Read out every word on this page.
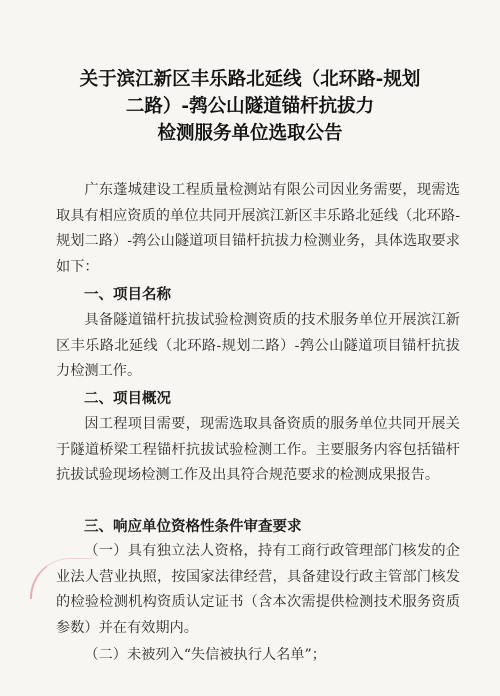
关于滨江新区丰乐路北延线（北环路-规划
二路）-鹁公山隧道锚杆抗拔力
检测服务单位选取公告
广东蓬城建设工程质量检测站有限公司因业务需要，现需选取具有相应资质的单位共同开展滨江新区丰乐路北延线（北环路-规划二路）-鹁公山隧道项目锚杆抗拔力检测业务，具体选取要求如下：
一、项目名称
具备隧道锚杆抗拔试验检测资质的技术服务单位开展滨江新区丰乐路北延线（北环路-规划二路）-鹁公山隧道项目锚杆抗拔力检测工作。
二、项目概况
因工程项目需要，现需选取具备资质的服务单位共同开展关于隧道桥梁工程锚杆抗拔试验检测工作。主要服务内容包括锚杆抗拔试验现场检测工作及出具符合规范要求的检测成果报告。
三、响应单位资格性条件审查要求
（一）具有独立法人资格，持有工商行政管理部门核发的企业法人营业执照，按国家法律经营，具备建设行政主管部门核发的检验检测机构资质认定证书（含本次需提供检测技术服务资质参数）并在有效期内。
（二）未被列入“失信被执行人名单”；
